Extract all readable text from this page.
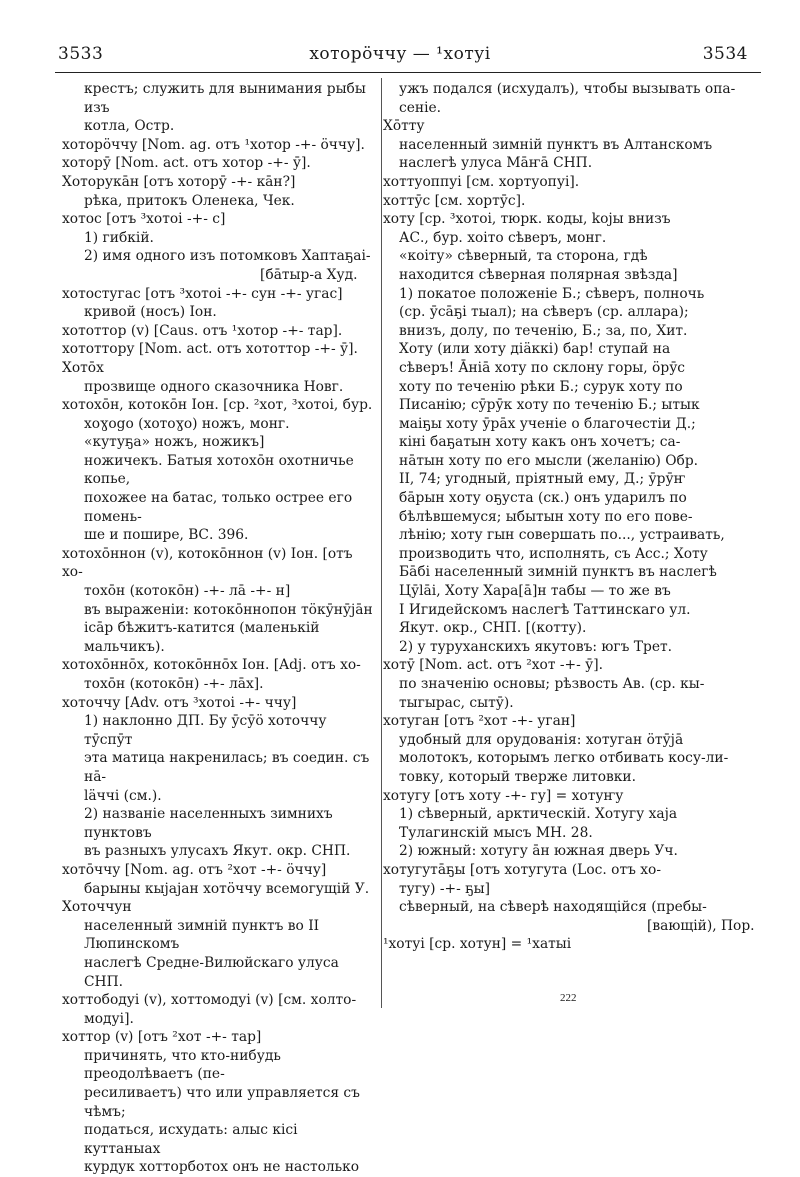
3533	хоторöччу — ¹хотуі	3534

крестъ; служить для вынимания рыбы изъ

котла, Остр.

хоторöччу [Nom. ag. отъ ¹хотор -+- öччу].

хоторӯ [Nom. act. отъ хотор -+- ӯ].

Хоторукāн [отъ хоторӯ -+- кāн?]

рѣка, притокъ Оленека, Чек.

хотос [отъ ³хотоі -+- с]

1) гибкій.

2) имя одного изъ потомковъ Хаптаҕаі-

[бāтыр-а Худ.

хотостугас [отъ ³хотоі -+- сун -+- угас]

кривой (носъ) Іон.

хототтор (v) [Caus. отъ ¹хотор -+- тар].

хототтору [Nom. act. отъ хототтор -+- ӯ].

Хотōх

прозвище одного сказочника Новг.

хотохōн, котокōн Іон. [ср. ²хот, ³хотоі, бур.

хоɣоgо (хотоɣо) ножъ, монг.

«кутуҕа» ножъ, ножикъ]

ножичекъ. Батыя хотохōн охотничье копье,

похожее на батас, только острее его помень-

ше и пошире, ВС. 396.

хотохōннон (v), котокōннон (v) Іон. [отъ хо-

тохōн (котокōн) -+- лā -+- н]

въ выраженіи: котокōннопон тöкӯнӯjāн

ісāр бѣжитъ-катится (маленькій мальчикъ).

хотохōннōх, котокōннōх Іон. [Adj. отъ хо-

тохōн (котокōн) -+- лāх].

хоточчу [Adv. отъ ³хотоі -+- ччу]

1) наклонно ДП. Бу ӯсӯö хоточчу тӯспӯт

эта матица накренилась; въ соедин. съ нā-

läччі (см.).

2) названіе населенныхъ зимнихъ пунктовъ

въ разныхъ улусахъ Якут. окр. СНП.

хотōччу [Nom. ag. отъ ²хот -+- öччу]

барыны кыjаjан хотöччу всемогущій У.

Хоточчун

населенный зимній пунктъ во II Люпинскомъ

наслегѣ Средне-Вилюйскаго улуса СНП.

хоттободуі (v), хоттомодуі (v) [см. холто-

модуі].

хоттор (v) [отъ ²хот -+- тар]

причинять, что кто-нибудь преодолѣваетъ (пе-

ресиливаетъ) что или управляется съ чѣмъ;

податься, исхудать: алыс кісі куттаныах

курдук хотторботох онъ не настолько

ужъ подался (исхудалъ), чтобы вызывать опа-

сеніе.

Хōтту

населенный зимній пунктъ въ Алтанскомъ

наслегѣ улуса Мāҥā СНП.

хоттуоппуі [см. хортуопуі].

хоттӯс [см. хортӯс].

хоту [ср. ³хотоі, тюрк. коды, kоjы внизъ

АС., бур. хоіто сѣверъ, монг.

«коіту» сѣверный, та сторона, гдѣ

находится сѣверная полярная звѣзда]

1) покатое положеніе Б.; сѣверъ, полночь

(ср. ӯсāҕі тыал); на сѣверъ (ср. аллара);

внизъ, долу, по теченію, Б.; за, по, Хит.

Хоту (или хоту діäккі) бар! ступай на

сѣверъ! Āнiā хоту по склону горы, öрӯс

хоту по теченію рѣки Б.; сурук хоту по

Писанію; сӯрӯк хоту по теченію Б.; ытык

маіҕы хоту ӯрāх ученіе о благочестіи Д.;

кіні баҕатын хоту какъ онъ хочетъ; са-

нāтын хоту по его мысли (желанію) Обр.

II, 74; угодный, пріятный ему, Д.; ӯрӯҥ

бāрын хоту оҕуста (ск.) онъ ударилъ по

бѣлѣвшемуся; ыбытын хоту по его пове-

лѣнію; хоту гын совершать по..., устраивать,

производить что, исполнять, съ Acc.; Хоту

Бāбі населенный зимній пунктъ въ наслегѣ

Цӯlāі, Хоту Хара[ā]н табы — то же въ

I Игидейскомъ наслегѣ Таттинскаго ул.

Якут. окр., СНП. [(котту).

2) у туруханскихъ якутовъ: югъ Трет.

хотӯ [Nom. act. отъ ²хот -+- ӯ].

по значенію основы; рѣзвость Ав. (ср. кы-

тыгырас, сытӯ).

хотуган [отъ ²хот -+- уган]

удобный для орудованія: хотуган öтӯjā

молотокъ, которымъ легко отбивать косу-ли-

товку, который тверже литовки.

хотугу [отъ хоту -+- гу] = хотуҥу

1) сѣверный, арктическій. Хотугу хаjа

Тулагинскій мысъ МН. 28.

2) южный: хотугу āн южная дверь Уч.

хотугутāҕы [отъ хотугута (Loc. отъ хо-

тугу) -+- ҕы]

сѣверный, на сѣверѣ находящійся (пребы-

[вающій), Пор.

¹хотуі [ср. хотун] = ¹хатыі

222
